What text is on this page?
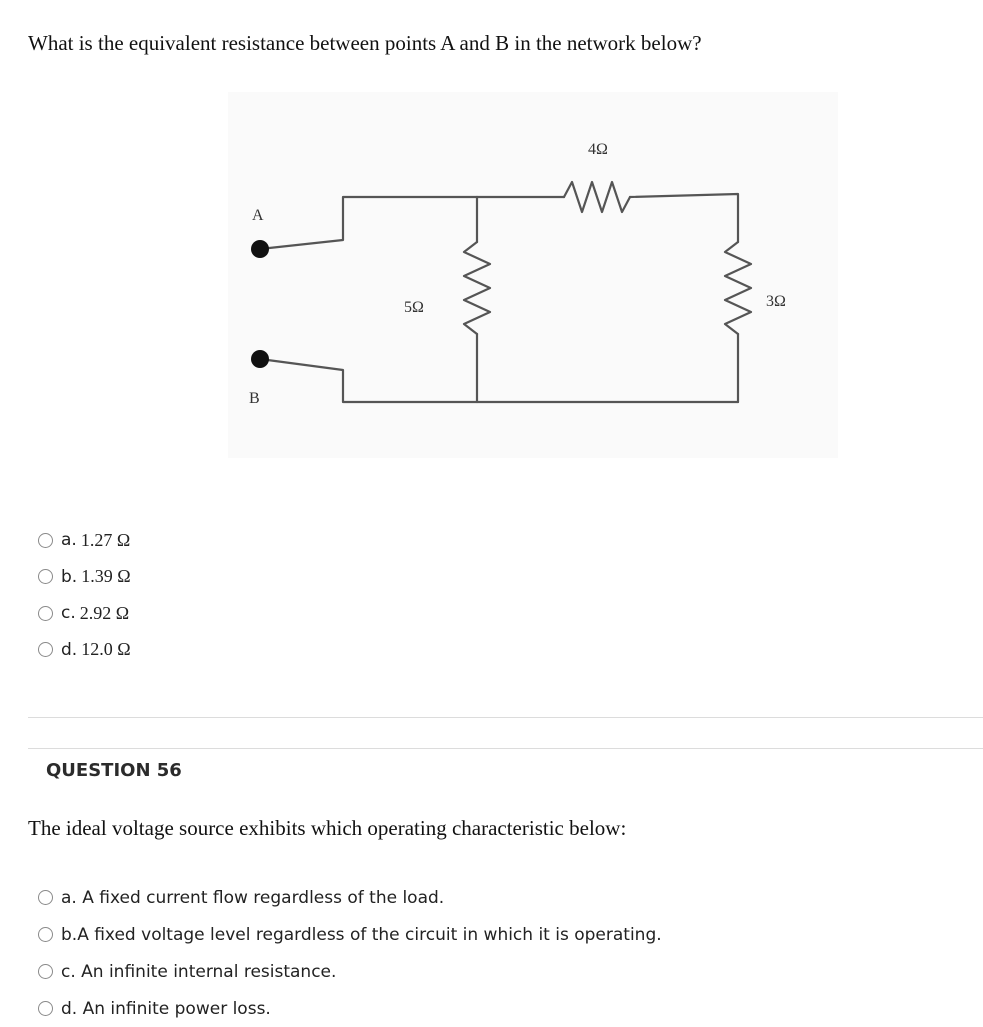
What is the equivalent resistance between points A and B in the network below?
A
B
4Ω
5Ω	3Ω
a. 1.27 Ω
b. 1.39 Ω
c. 2.92 Ω
d. 12.0 Ω
QUESTION 56
The ideal voltage source exhibits which operating characteristic below:
a. A fixed current flow regardless of the load.
b.A fixed voltage level regardless of the circuit in which it is operating.
c. An infinite internal resistance.
d. An infinite power loss.
